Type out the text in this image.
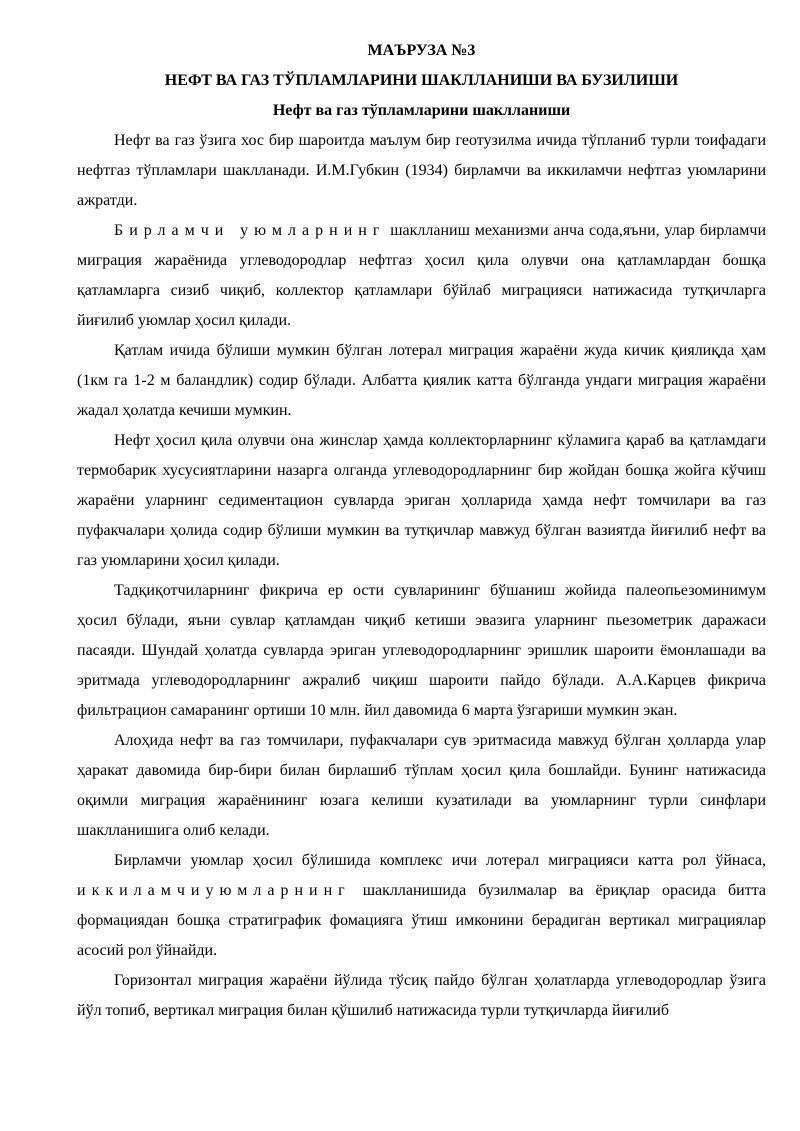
МАЪРУЗА №3

НЕФТ ВА ГАЗ ТЎПЛАМЛАРИНИ ШАКЛЛАНИШИ ВА БУЗИЛИШИ

Нефт ва газ тўпламларини шаклланиши

Нефт ва газ ўзига хос бир шароитда маълум бир геотузилма ичида тўпланиб турли тоифадаги нефтгаз тўпламлари шаклланади. И.М.Губкин (1934) бирламчи ва иккиламчи нефтгаз уюмларини ажратди.

Бирламчи уюмларнинг шаклланиш механизми анча сода,яъни, улар бирламчи миграция жараёнида углеводородлар нефтгаз ҳосил қила олувчи она қатламлардан бошқа қатламларга сизиб чиқиб, коллектор қатламлари бўйлаб миграцияси натижасида тутқичларга йиғилиб уюмлар ҳосил қилади.

Қатлам ичида бўлиши мумкин бўлган лотерал миграция жараёни жуда кичик қиялиқда ҳам (1км га 1-2 м баландлик) содир бўлади. Албатта қиялик катта бўлганда ундаги миграция жараёни жадал ҳолатда кечиши мумкин.

Нефт ҳосил қила олувчи она жинслар ҳамда коллекторларнинг кўламига қараб ва қатламдаги термобарик хусусиятларини назарга олганда углеводородларнинг бир жойдан бошқа жойга кўчиш жараёни уларнинг седиментацион сувларда эриган ҳолларида ҳамда нефт томчилари ва газ пуфакчалари ҳолида содир бўлиши мумкин ва тутқичлар мавжуд бўлган вазиятда йиғилиб нефт ва газ уюмларини ҳосил қилади.

Тадқиқотчиларнинг фикрича ер ости сувларининг бўшаниш жойида палеопьезоминимум ҳосил бўлади, яъни сувлар қатламдан чиқиб кетиши эвазига уларнинг пьезометрик даражаси пасаяди. Шундай ҳолатда сувларда эриган углеводородларнинг эришлик шароити ёмонлашади ва эритмада углеводородларнинг ажралиб чиқиш шароити пайдо бўлади. А.А.Карцев фикрича фильтрацион самаранинг ортиши 10 млн. йил давомида 6 марта ўзгариши мумкин экан.

Алоҳида нефт ва газ томчилари, пуфакчалари сув эритмасида мавжуд бўлган ҳолларда улар ҳаракат давомида бир-бири билан бирлашиб тўплам ҳосил қила бошлайди. Бунинг натижасида оқимли миграция жараёнининг юзага келиши кузатилади ва уюмларнинг турли синфлари шаклланишига олиб келади.

Бирламчи уюмлар ҳосил бўлишида комплекс ичи лотерал миграцияси катта рол ўйнаса, иккиламчиуюмларнинг шаклланишида бузилмалар ва ёриқлар орасида битта формациядан бошқа стратиграфик фомацияга ўтиш имконини берадиган вертикал миграциялар асосий рол ўйнайди.

Горизонтал миграция жараёни йўлида тўсиқ пайдо бўлган ҳолатларда углеводородлар ўзига йўл топиб, вертикал миграция билан қўшилиб натижасида турли тутқичларда йиғилиб
